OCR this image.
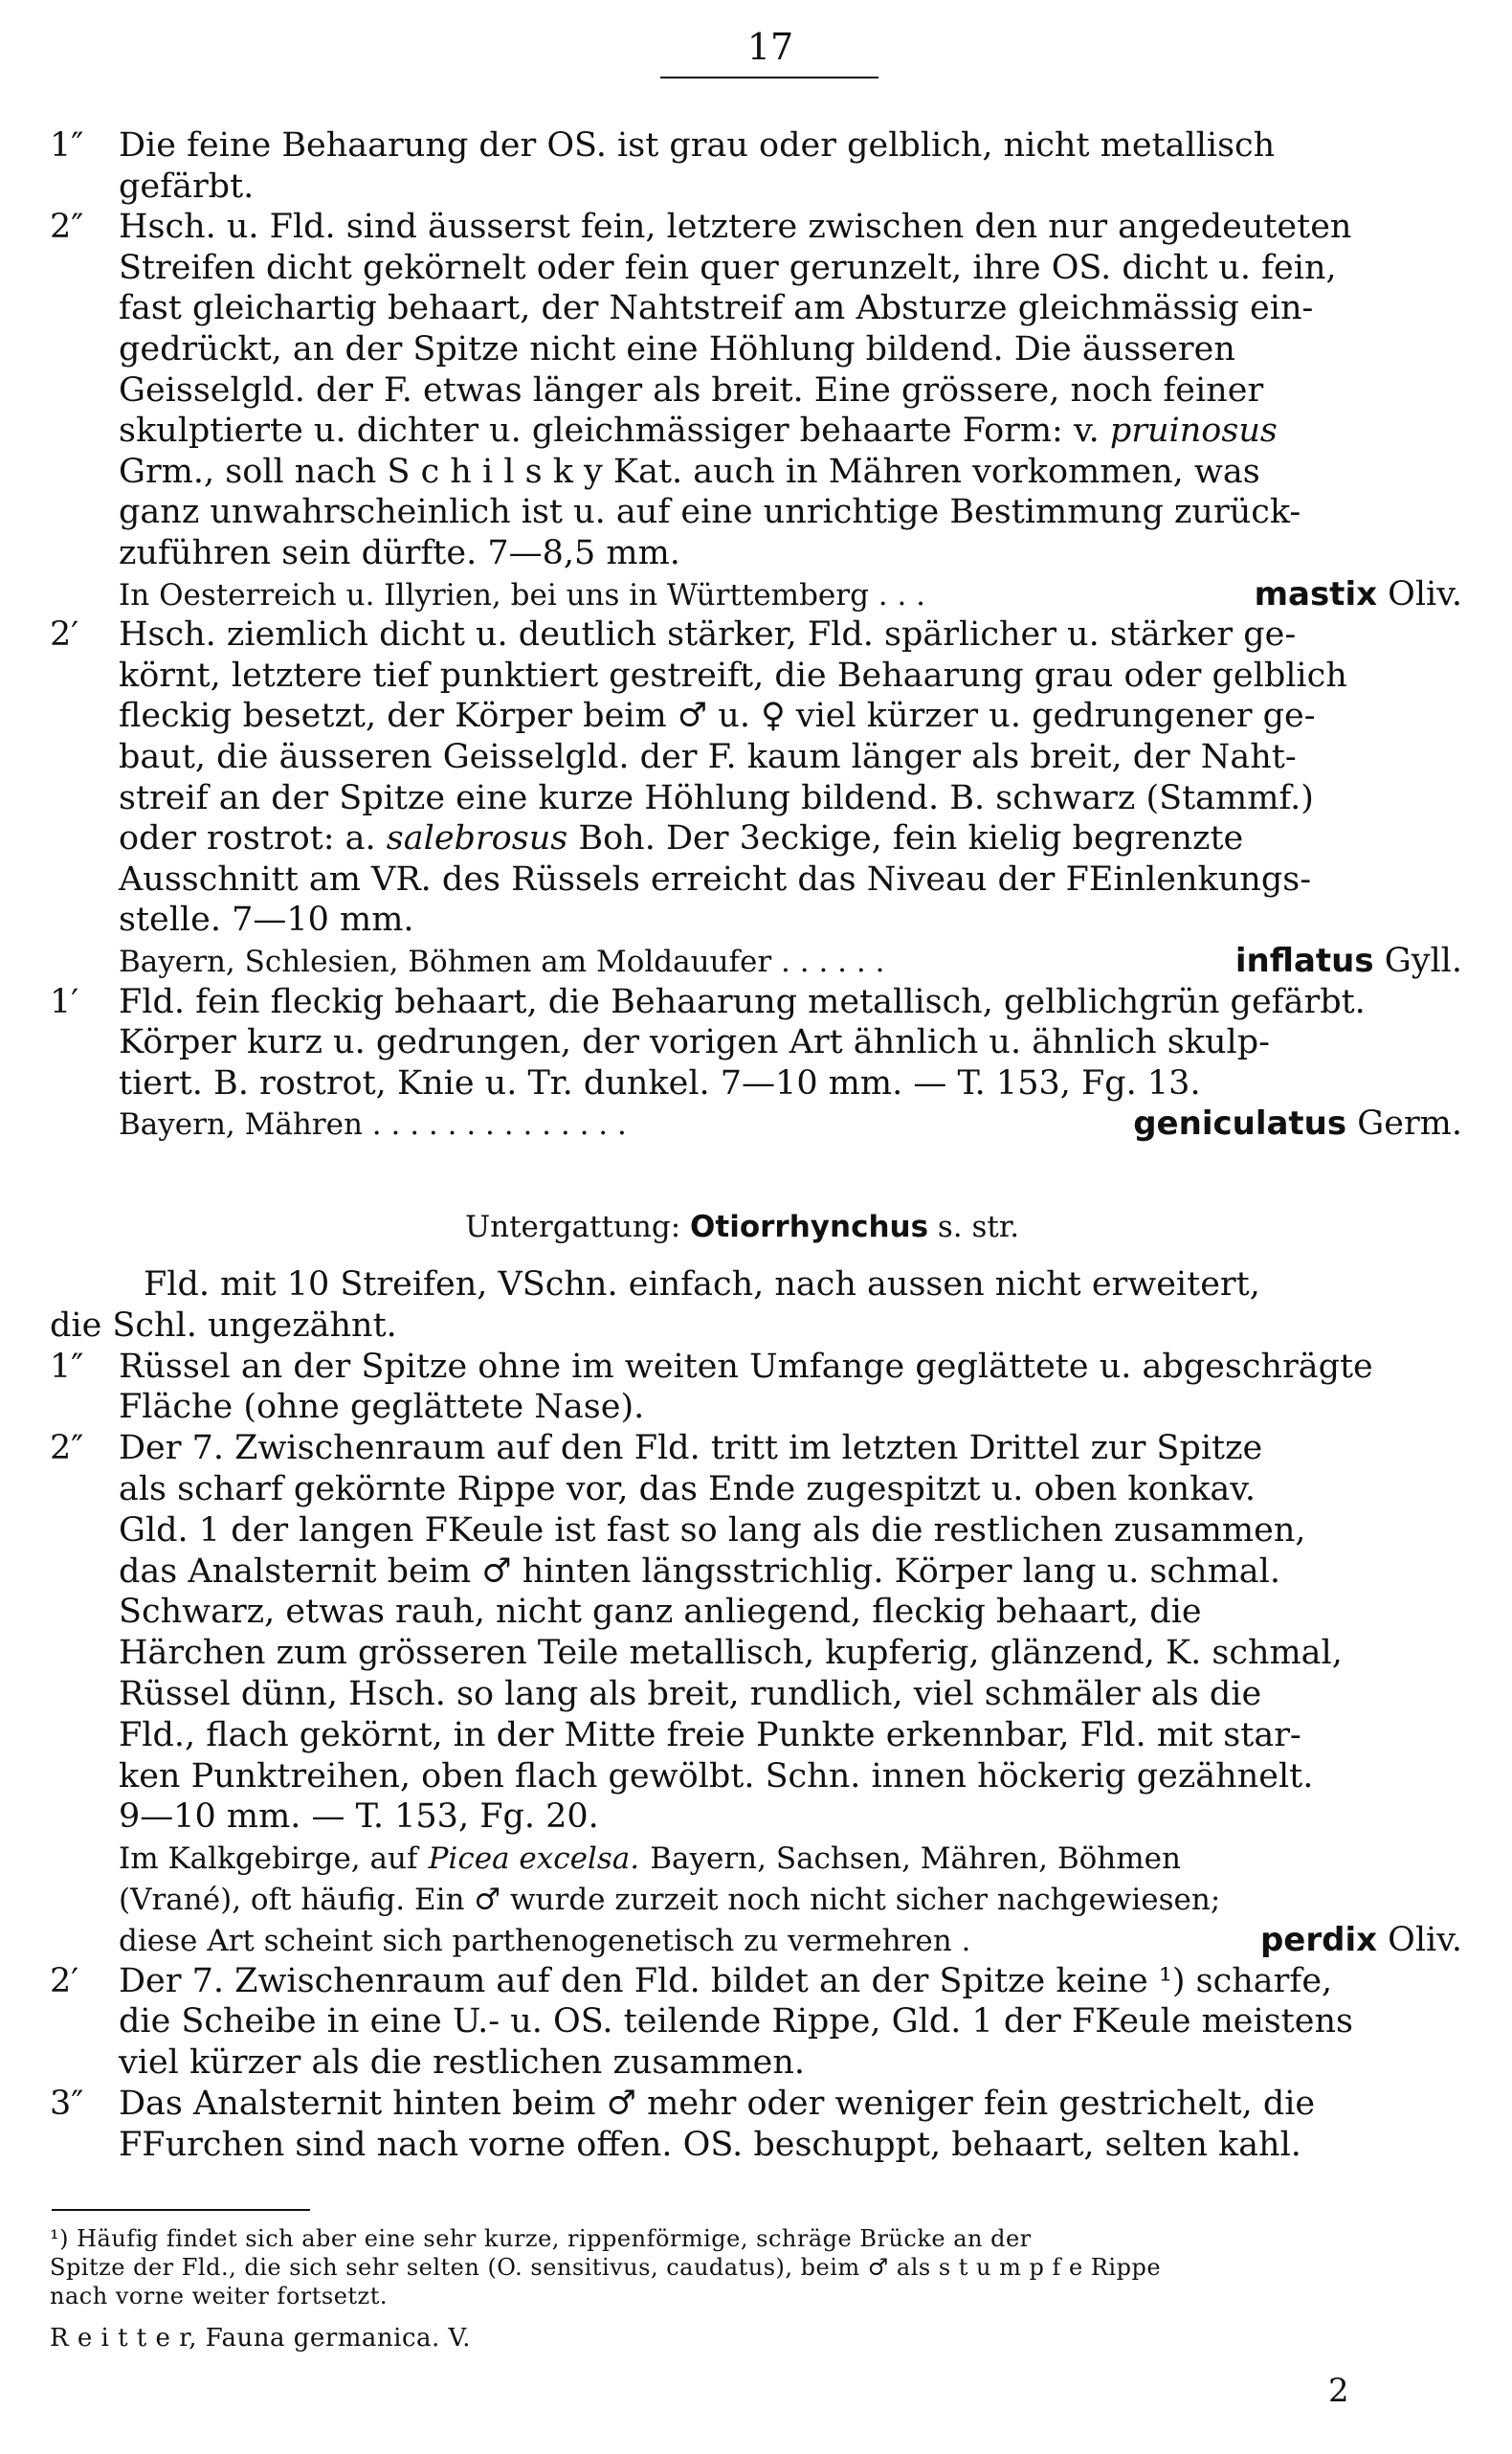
17
1″ Die feine Behaarung der OS. ist grau oder gelblich, nicht metallisch
gefärbt.
2″ Hsch. u. Fld. sind äusserst fein, letztere zwischen den nur angedeuteten
Streifen dicht gekörnelt oder fein quer gerunzelt, ihre OS. dicht u. fein,
fast gleichartig behaart, der Nahtstreif am Absturze gleichmässig ein-
gedrückt, an der Spitze nicht eine Höhlung bildend. Die äusseren
Geisselgld. der F. etwas länger als breit. Eine grössere, noch feiner
skulptierte u. dichter u. gleichmässiger behaarte Form: v. pruinosus
Grm., soll nach S c h i l s k y Kat. auch in Mähren vorkommen, was
ganz unwahrscheinlich ist u. auf eine unrichtige Bestimmung zurück-
zuführen sein dürfte. 7—8,5 mm.
In Oesterreich u. Illyrien, bei uns in Württemberg . . .	mastix Oliv.
2′ Hsch. ziemlich dicht u. deutlich stärker, Fld. spärlicher u. stärker ge-
körnt, letztere tief punktiert gestreift, die Behaarung grau oder gelblich
fleckig besetzt, der Körper beim ♂ u. ♀ viel kürzer u. gedrungener ge-
baut, die äusseren Geisselgld. der F. kaum länger als breit, der Naht-
streif an der Spitze eine kurze Höhlung bildend. B. schwarz (Stammf.)
oder rostrot: a. salebrosus Boh. Der 3eckige, fein kielig begrenzte
Ausschnitt am VR. des Rüssels erreicht das Niveau der FEinlenkungs-
stelle. 7—10 mm.
Bayern, Schlesien, Böhmen am Moldauufer . . . . . .	inflatus Gyll.
1′ Fld. fein fleckig behaart, die Behaarung metallisch, gelblichgrün gefärbt.
Körper kurz u. gedrungen, der vorigen Art ähnlich u. ähnlich skulp-
tiert. B. rostrot, Knie u. Tr. dunkel. 7—10 mm. — T. 153, Fg. 13.
Bayern, Mähren . . . . . . . . . . . . . .	geniculatus Germ.
Untergattung: Otiorrhynchus s. str.
Fld. mit 10 Streifen, VSchn. einfach, nach aussen nicht erweitert,
die Schl. ungezähnt.
1″ Rüssel an der Spitze ohne im weiten Umfange geglättete u. abgeschrägte
Fläche (ohne geglättete Nase).
2″ Der 7. Zwischenraum auf den Fld. tritt im letzten Drittel zur Spitze
als scharf gekörnte Rippe vor, das Ende zugespitzt u. oben konkav.
Gld. 1 der langen FKeule ist fast so lang als die restlichen zusammen,
das Analsternit beim ♂ hinten längsstrichlig. Körper lang u. schmal.
Schwarz, etwas rauh, nicht ganz anliegend, fleckig behaart, die
Härchen zum grösseren Teile metallisch, kupferig, glänzend, K. schmal,
Rüssel dünn, Hsch. so lang als breit, rundlich, viel schmäler als die
Fld., flach gekörnt, in der Mitte freie Punkte erkennbar, Fld. mit star-
ken Punktreihen, oben flach gewölbt. Schn. innen höckerig gezähnelt.
9—10 mm. — T. 153, Fg. 20.
Im Kalkgebirge, auf Picea excelsa. Bayern, Sachsen, Mähren, Böhmen
(Vrané), oft häufig. Ein ♂ wurde zurzeit noch nicht sicher nachgewiesen;
diese Art scheint sich parthenogenetisch zu vermehren .	perdix Oliv.
2′ Der 7. Zwischenraum auf den Fld. bildet an der Spitze keine ¹) scharfe,
die Scheibe in eine U.- u. OS. teilende Rippe, Gld. 1 der FKeule meistens
viel kürzer als die restlichen zusammen.
3″ Das Analsternit hinten beim ♂ mehr oder weniger fein gestrichelt, die
FFurchen sind nach vorne offen. OS. beschuppt, behaart, selten kahl.
¹) Häufig findet sich aber eine sehr kurze, rippenförmige, schräge Brücke an der
Spitze der Fld., die sich sehr selten (O. sensitivus, caudatus), beim ♂ als s t u m p f e Rippe
nach vorne weiter fortsetzt.
R e i t t e r, Fauna germanica. V.
2
